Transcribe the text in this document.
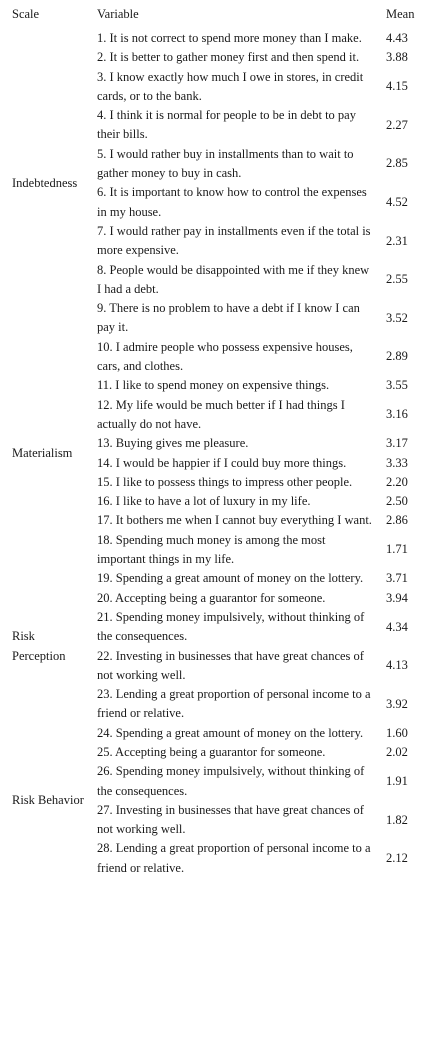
Scale	Variable	Mean
Indebtedness	1. It is not correct to spend more money than I make.	4.43
	2. It is better to gather money first and then spend it.	3.88
	3. I know exactly how much I owe in stores, in credit cards, or to the bank.	4.15
	4. I think it is normal for people to be in debt to pay their bills.	2.27
	5. I would rather buy in installments than to wait to gather money to buy in cash.	2.85
	6. It is important to know how to control the expenses in my house.	4.52
	7. I would rather pay in installments even if the total is more expensive.	2.31
	8. People would be disappointed with me if they knew I had a debt.	2.55
	9. There is no problem to have a debt if I know I can pay it.	3.52
Materialism	10. I admire people who possess expensive houses, cars, and clothes.	2.89
	11. I like to spend money on expensive things.	3.55
	12. My life would be much better if I had things I actually do not have.	3.16
	13. Buying gives me pleasure.	3.17
	14. I would be happier if I could buy more things.	3.33
	15. I like to possess things to impress other people.	2.20
	16. I like to have a lot of luxury in my life.	2.50
	17. It bothers me when I cannot buy everything I want.	2.86
	18. Spending much money is among the most important things in my life.	1.71
Risk Perception	19. Spending a great amount of money on the lottery.	3.71
	20. Accepting being a guarantor for someone.	3.94
	21. Spending money impulsively, without thinking of the consequences.	4.34
	22. Investing in businesses that have great chances of not working well.	4.13
	23. Lending a great proportion of personal income to a friend or relative.	3.92
Risk Behavior	24. Spending a great amount of money on the lottery.	1.60
	25. Accepting being a guarantor for someone.	2.02
	26. Spending money impulsively, without thinking of the consequences.	1.91
	27. Investing in businesses that have great chances of not working well.	1.82
	28. Lending a great proportion of personal income to a friend or relative.	2.12
